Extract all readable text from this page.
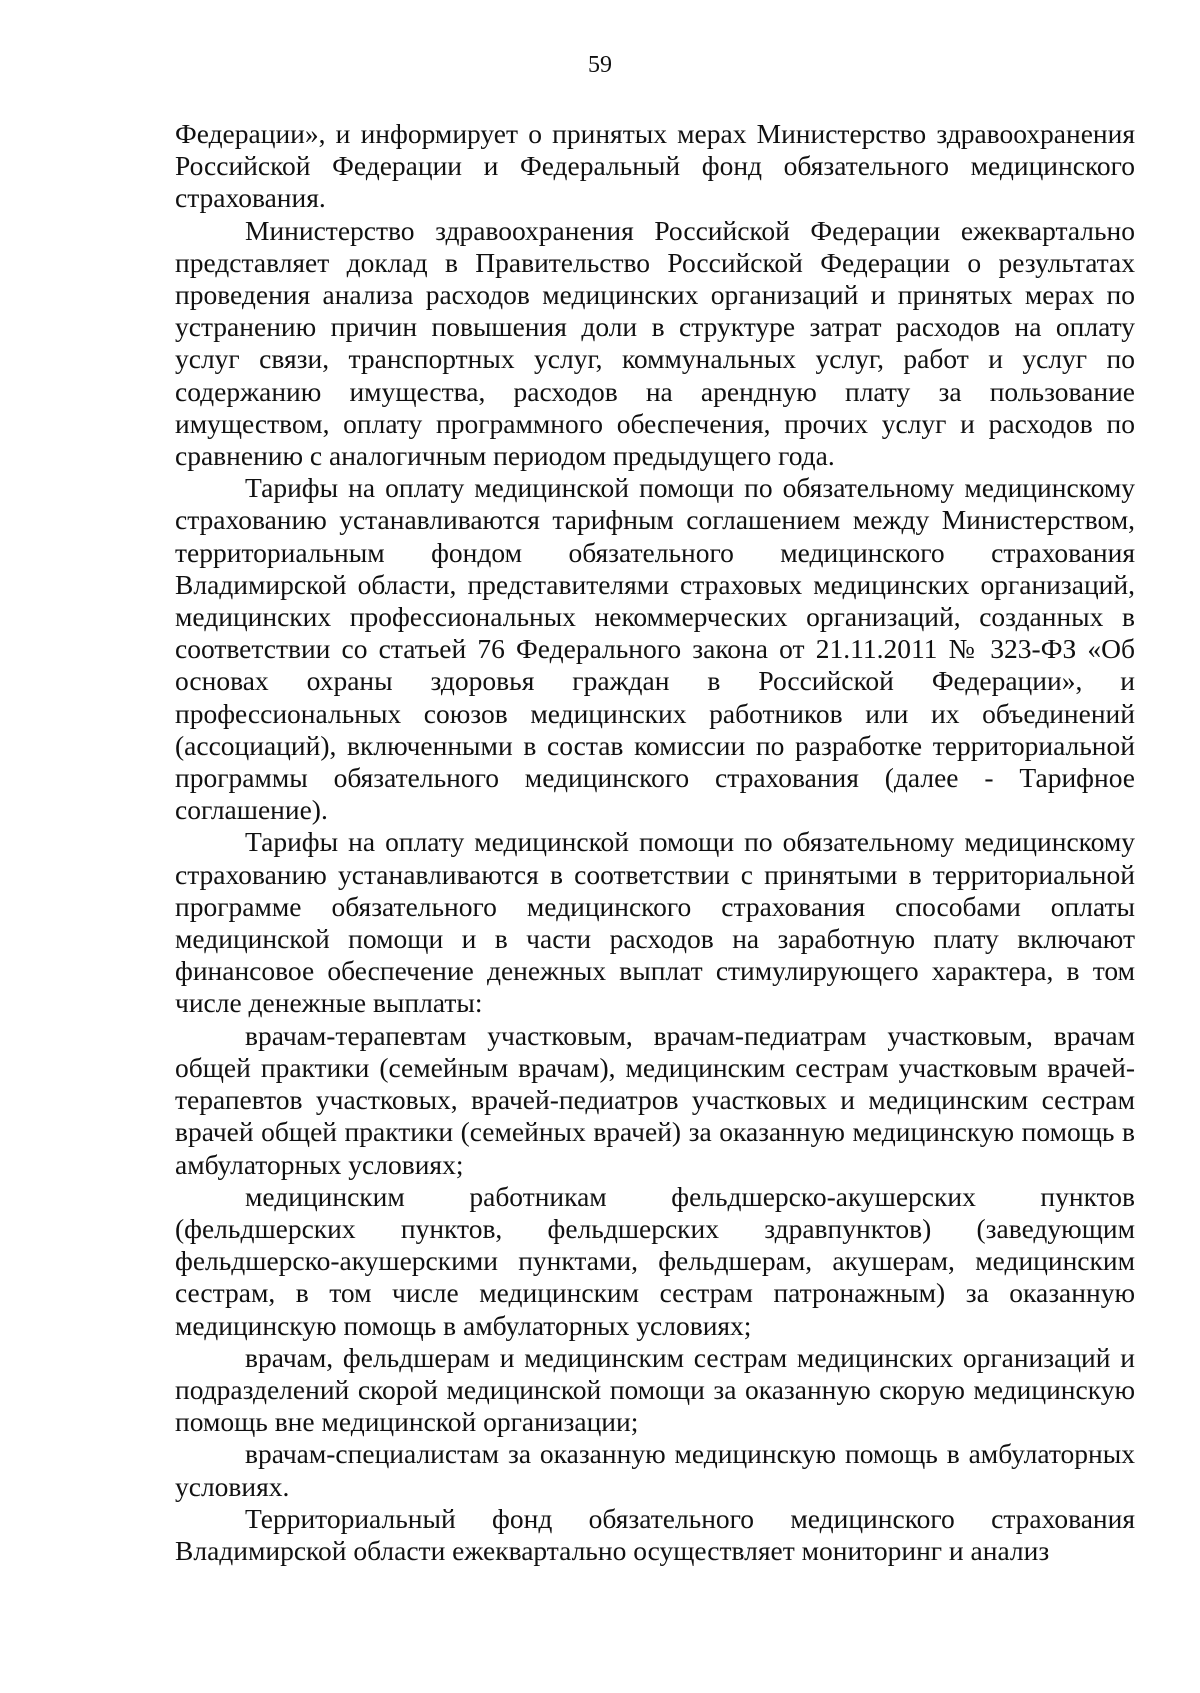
59

Федерации», и информирует о принятых мерах Министерство здравоохранения Российской Федерации и Федеральный фонд обязательного медицинского страхования.

Министерство здравоохранения Российской Федерации ежеквартально представляет доклад в Правительство Российской Федерации о результатах проведения анализа расходов медицинских организаций и принятых мерах по устранению причин повышения доли в структуре затрат расходов на оплату услуг связи, транспортных услуг, коммунальных услуг, работ и услуг по содержанию имущества, расходов на арендную плату за пользование имуществом, оплату программного обеспечения, прочих услуг и расходов по сравнению с аналогичным периодом предыдущего года.

Тарифы на оплату медицинской помощи по обязательному медицинскому страхованию устанавливаются тарифным соглашением между Министерством, территориальным фондом обязательного медицинского страхования Владимирской области, представителями страховых медицинских организаций, медицинских профессиональных некоммерческих организаций, созданных в соответствии со статьей 76 Федерального закона от 21.11.2011 № 323-ФЗ «Об основах охраны здоровья граждан в Российской Федерации», и профессиональных союзов медицинских работников или их объединений (ассоциаций), включенными в состав комиссии по разработке территориальной программы обязательного медицинского страхования (далее - Тарифное соглашение).

Тарифы на оплату медицинской помощи по обязательному медицинскому страхованию устанавливаются в соответствии с принятыми в территориальной программе обязательного медицинского страхования способами оплаты медицинской помощи и в части расходов на заработную плату включают финансовое обеспечение денежных выплат стимулирующего характера, в том числе денежные выплаты:

врачам-терапевтам участковым, врачам-педиатрам участковым, врачам общей практики (семейным врачам), медицинским сестрам участковым врачей-терапевтов участковых, врачей-педиатров участковых и медицинским сестрам врачей общей практики (семейных врачей) за оказанную медицинскую помощь в амбулаторных условиях;

медицинским работникам фельдшерско-акушерских пунктов (фельдшерских пунктов, фельдшерских здравпунктов) (заведующим фельдшерско-акушерскими пунктами, фельдшерам, акушерам, медицинским сестрам, в том числе медицинским сестрам патронажным) за оказанную медицинскую помощь в амбулаторных условиях;

врачам, фельдшерам и медицинским сестрам медицинских организаций и подразделений скорой медицинской помощи за оказанную скорую медицинскую помощь вне медицинской организации;

врачам-специалистам за оказанную медицинскую помощь в амбулаторных условиях.

Территориальный фонд обязательного медицинского страхования Владимирской области ежеквартально осуществляет мониторинг и анализ
